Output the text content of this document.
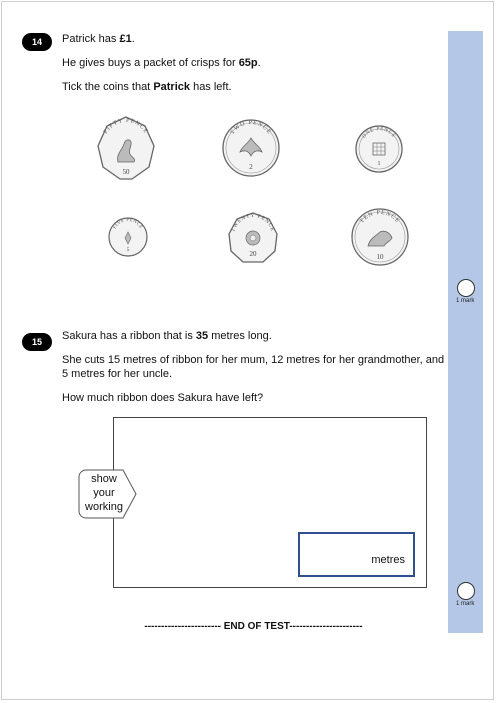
1 mark
1 mark
14	Patrick has £1.
He gives buys a packet of crisps for 65p.
Tick the coins that Patrick has left.
FIFTY PENCE
50
TWO PENCE
2
ONE PENCE
1
FIVE PENCE
5
TWENTY PENCE
20
TEN PENCE
10
15	Sakura has a ribbon that is 35 metres long.
She cuts 15 metres of ribbon for her mum, 12 metres for her grandmother, and
5 metres for her uncle.
How much ribbon does Sakura have left?
show
your
working
metres
----------------------- END OF TEST----------------------
